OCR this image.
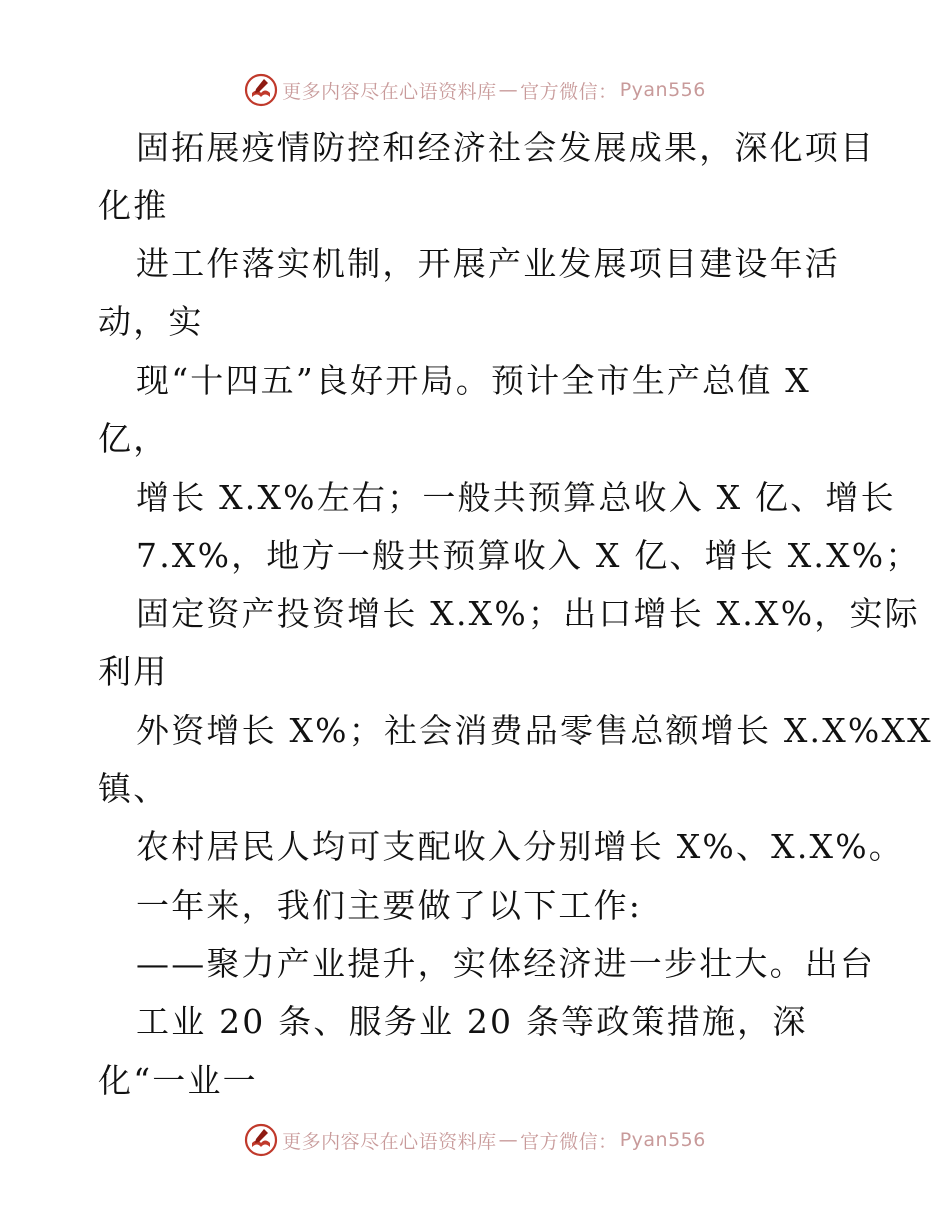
更多内容尽在心语资料库 — 官方微信： Pyan556
固拓展疫情防控和经济社会发展成果，深化项目
化推
进工作落实机制，开展产业发展项目建设年活
动，实
现“十四五”良好开局。预计全市生产总值 X
亿，
增长 X.X%左右；一般共预算总收入 X 亿、增长
7.X%，地方一般共预算收入 X 亿、增长 X.X%；
固定资产投资增长 X.X%；出口增长 X.X%，实际
利用
外资增长 X%；社会消费品零售总额增长 X.X%XX
镇、
农村居民人均可支配收入分别增长 X%、X.X%。
一年来，我们主要做了以下工作:
——聚力产业提升，实体经济进一步壮大。出台
工业 20 条、服务业 20 条等政策措施，深
化“一业一
更多内容尽在心语资料库 — 官方微信： Pyan556
